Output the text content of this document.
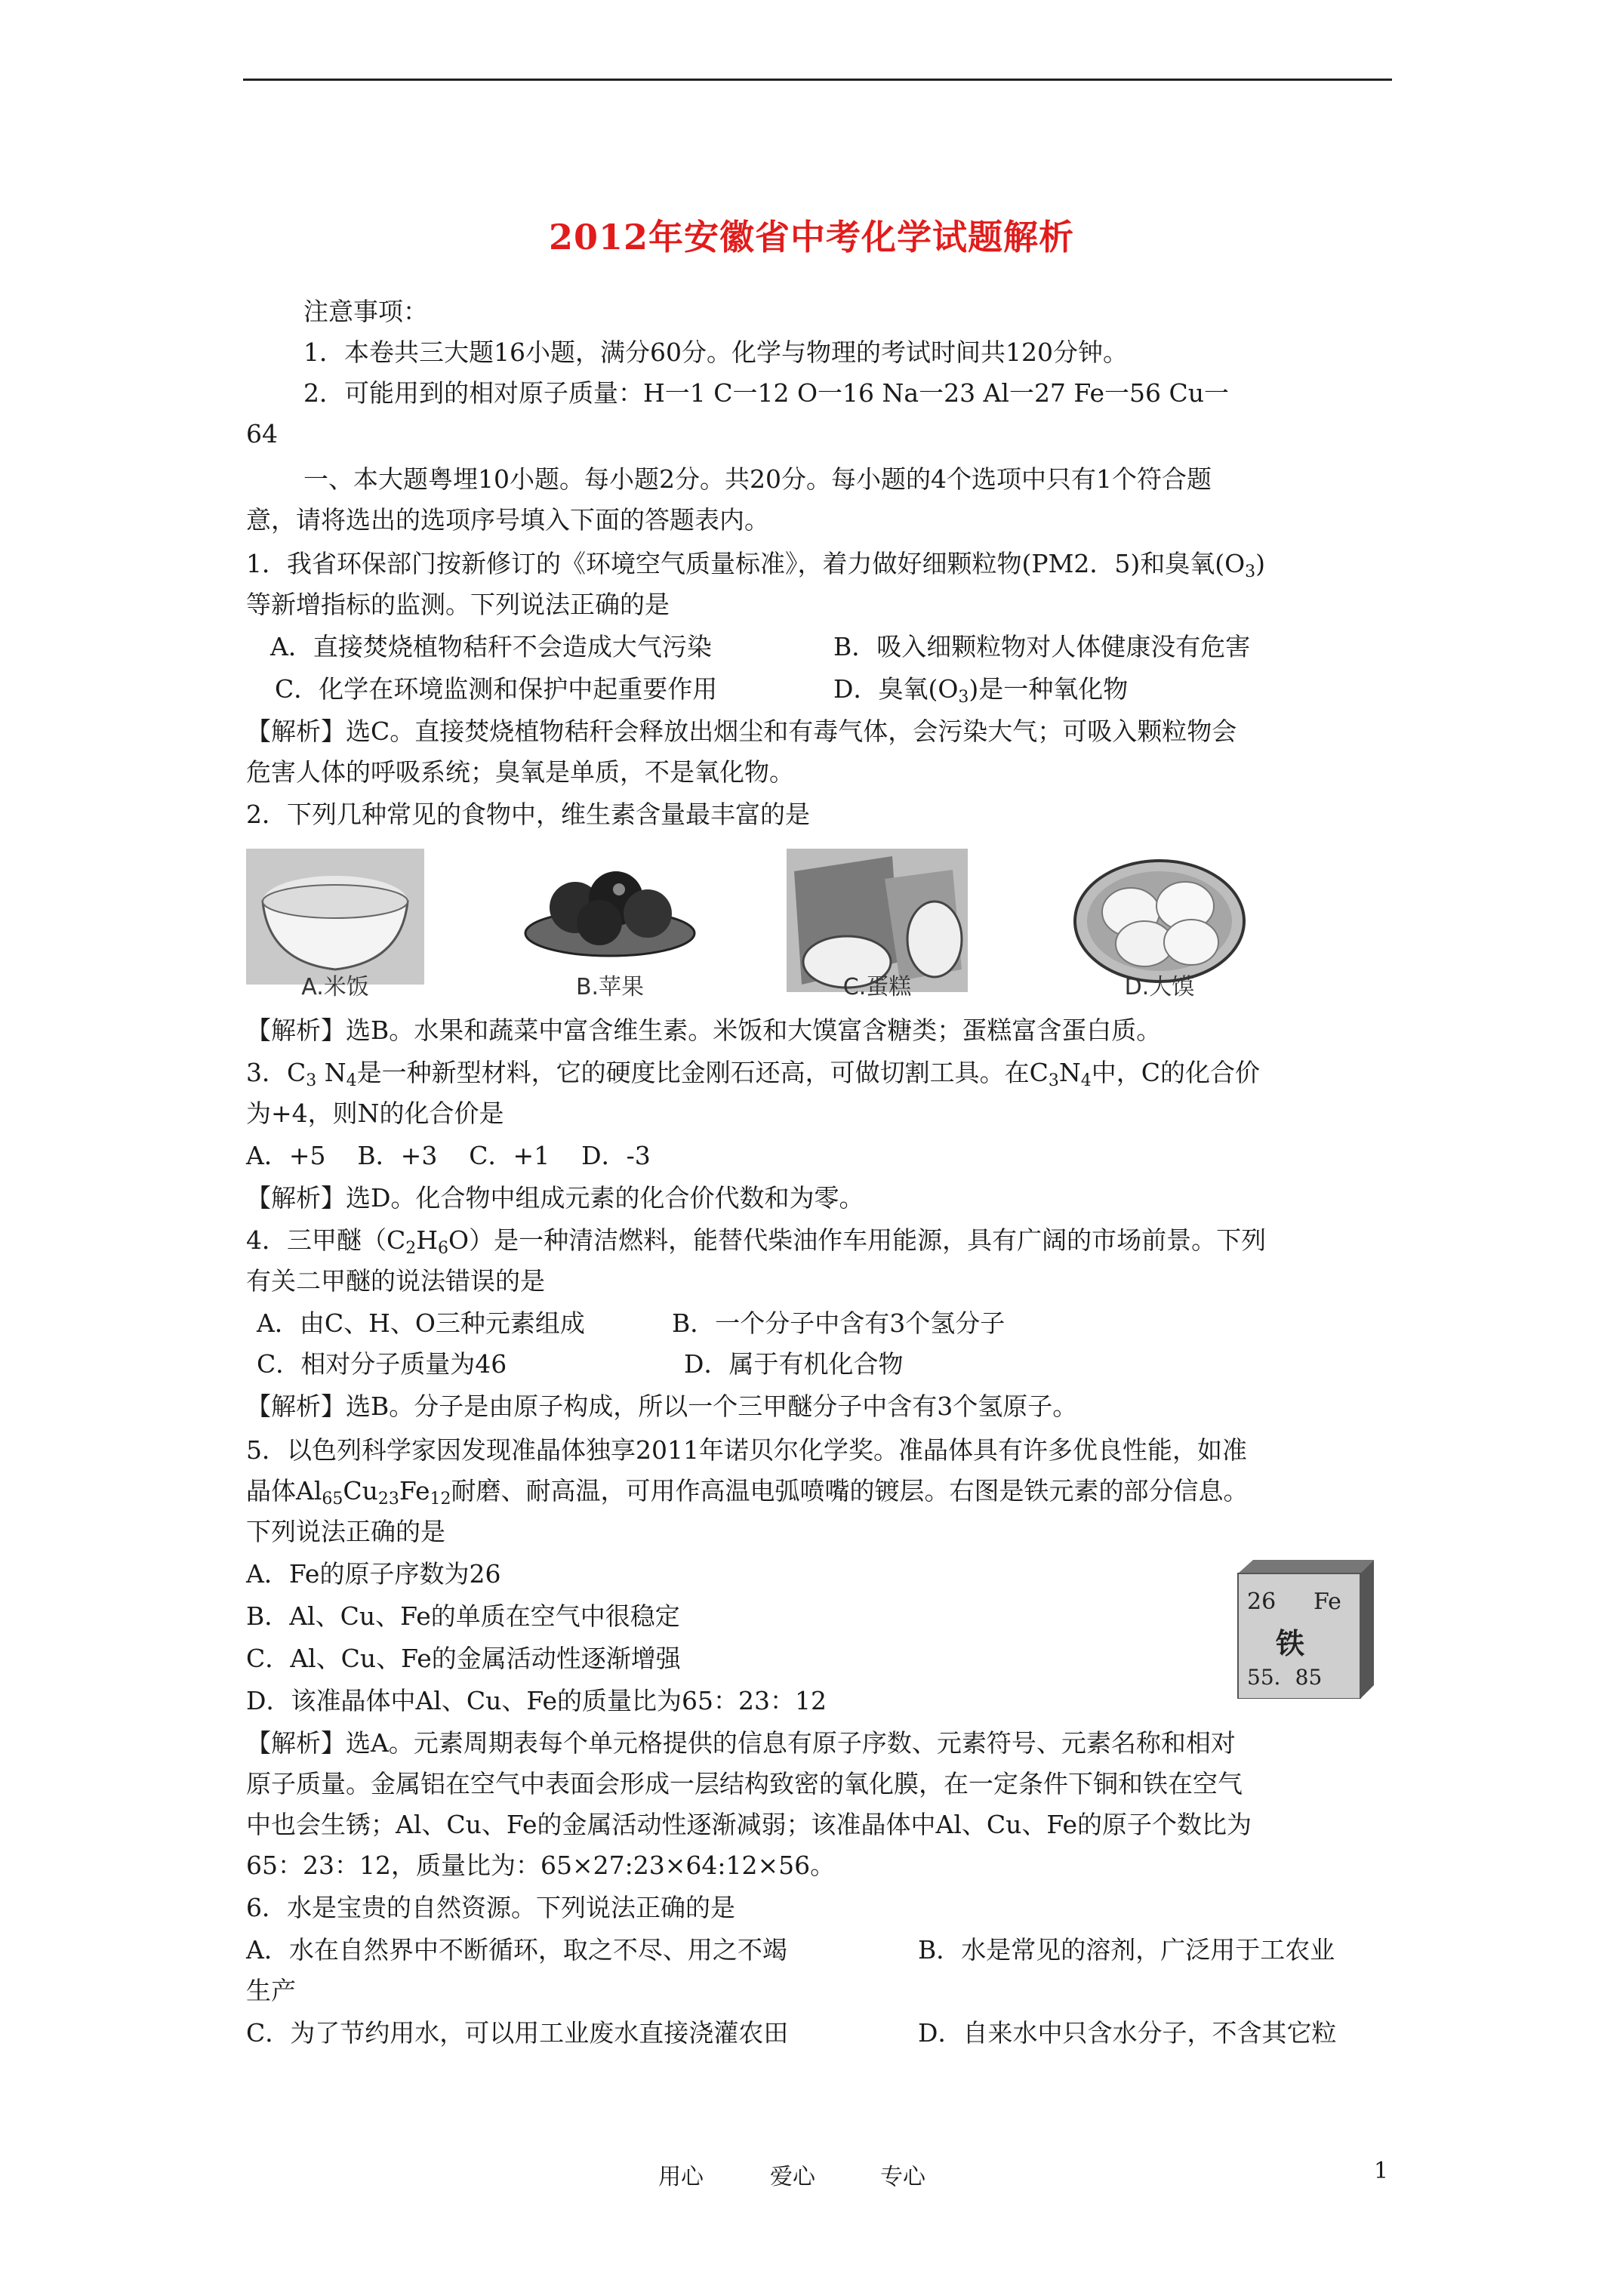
2012年安徽省中考化学试题解析
注意事项：
1．本卷共三大题16小题，满分60分。化学与物理的考试时间共120分钟。
2．可能用到的相对原子质量：H一1 C一12 O一16 Na一23 Al一27 Fe一56 Cu一
64
一、本大题粤埋10小题。每小题2分。共20分。每小题的4个选项中只有1个符合题
意，请将选出的选项序号填入下面的答题表内。
1．我省环保部门按新修订的《环境空气质量标准》，着力做好细颗粒物(PM2．5)和臭氧$(O_3)$
等新增指标的监测。下列说法正确的是
A．直接焚烧植物秸秆不会造成大气污染	B．吸入细颗粒物对人体健康没有危害
C．化学在环境监测和保护中起重要作用	D．臭氧$(O_3)$是一种氧化物
【解析】选C。直接焚烧植物秸秆会释放出烟尘和有毒气体，会污染大气；可吸入颗粒物会
危害人体的呼吸系统；臭氧是单质，不是氧化物。
2．下列几种常见的食物中，维生素含量最丰富的是
A.米饭	B.苹果	C.蛋糕	D.大馍
【解析】选B。水果和蔬菜中富含维生素。米饭和大馍富含糖类；蛋糕富含蛋白质。
3．$C_3$ $N_4$是一种新型材料，它的硬度比金刚石还高，可做切割工具。在$C_3N_4$中，C的化合价
为+4，则N的化合价是
A．+5    B．+3    C．+1    D．-3
【解析】选D。化合物中组成元素的化合价代数和为零。
4．三甲醚$(C_2H_6O)$是一种清洁燃料，能替代柴油作车用能源，具有广阔的市场前景。下列
有关二甲醚的说法错误的是
A．由C、H、O三种元素组成	B．一个分子中含有3个氢分子
C．相对分子质量为46	D．属于有机化合物
【解析】选B。分子是由原子构成，所以一个三甲醚分子中含有3个氢原子。
5．以色列科学家因发现准晶体独享2011年诺贝尔化学奖。准晶体具有许多优良性能，如准
晶体$Al_{65}Cu_{23}Fe_{12}$耐磨、耐高温，可用作高温电弧喷嘴的镀层。右图是铁元素的部分信息。
下列说法正确的是
A．Fe的原子序数为26
B．Al、Cu、Fe的单质在空气中很稳定
C．Al、Cu、Fe的金属活动性逐渐增强
D．该准晶体中Al、Cu、Fe的质量比为65：23：12
26 Fe
铁
55．85
【解析】选A。元素周期表每个单元格提供的信息有原子序数、元素符号、元素名称和相对
原子质量。金属铝在空气中表面会形成一层结构致密的氧化膜，在一定条件下铜和铁在空气
中也会生锈；Al、Cu、Fe的金属活动性逐渐减弱；该准晶体中Al、Cu、Fe的原子个数比为
65：23：12，质量比为：65×27:23×64:12×56。
6．水是宝贵的自然资源。下列说法正确的是
A．水在自然界中不断循环，取之不尽、用之不竭	B．水是常见的溶剂，广泛用于工农业
生产
C．为了节约用水，可以用工业废水直接浇灌农田	D．自来水中只含水分子，不含其它粒
用心	爱心	专心	1
